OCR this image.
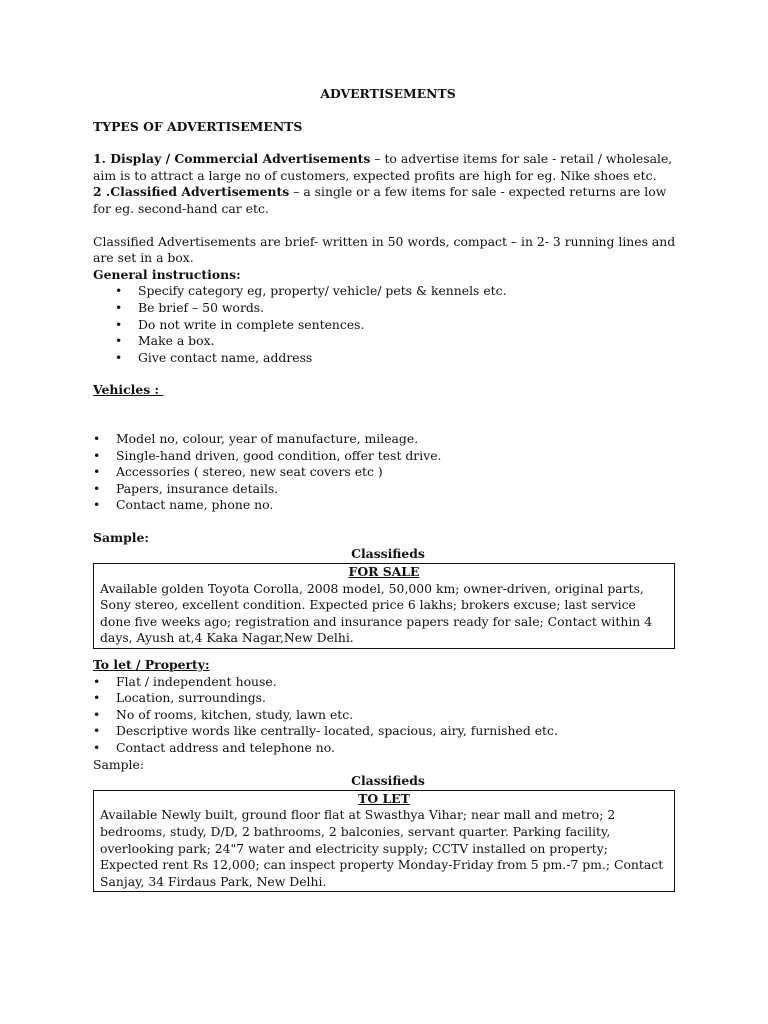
ADVERTISEMENTS

TYPES OF ADVERTISEMENTS

1. Display / Commercial Advertisements – to advertise items for sale - retail / wholesale, aim is to attract a large no of customers, expected profits are high for eg. Nike shoes etc.

2 .Classified Advertisements – a single or a few items for sale - expected returns are low for eg. second-hand car etc.

Classified Advertisements are brief- written in 50 words, compact – in 2- 3 running lines and are set in a box.

General instructions:

• Specify category eg, property/ vehicle/ pets & kennels etc.
• Be brief – 50 words.
• Do not write in complete sentences.
• Make a box.
• Give contact name, address

Vehicles :

• Model no, colour, year of manufacture, mileage.
• Single-hand driven, good condition, offer test drive.
• Accessories ( stereo, new seat covers etc )
• Papers, insurance details.
• Contact name, phone no.

Sample:

Classifieds

FOR SALE

Available golden Toyota Corolla, 2008 model, 50,000 km; owner-driven, original parts, Sony stereo, excellent condition. Expected price 6 lakhs; brokers excuse; last service done five weeks ago; registration and insurance papers ready for sale; Contact within 4 days, Ayush at,4 Kaka Nagar,New Delhi.

To let / Property:

• Flat / independent house.
• Location, surroundings.
• No of rooms, kitchen, study, lawn etc.
• Descriptive words like centrally- located, spacious, airy, furnished etc.
• Contact address and telephone no.

Sample:

Classifieds

TO LET

Available Newly built, ground floor flat at Swasthya Vihar; near mall and metro; 2 bedrooms, study, D/D, 2 bathrooms, 2 balconies, servant quarter. Parking facility, overlooking park; 24"7 water and electricity supply; CCTV installed on property; Expected rent Rs 12,000; can inspect property Monday-Friday from 5 pm.-7 pm.; Contact Sanjay, 34 Firdaus Park, New Delhi.
